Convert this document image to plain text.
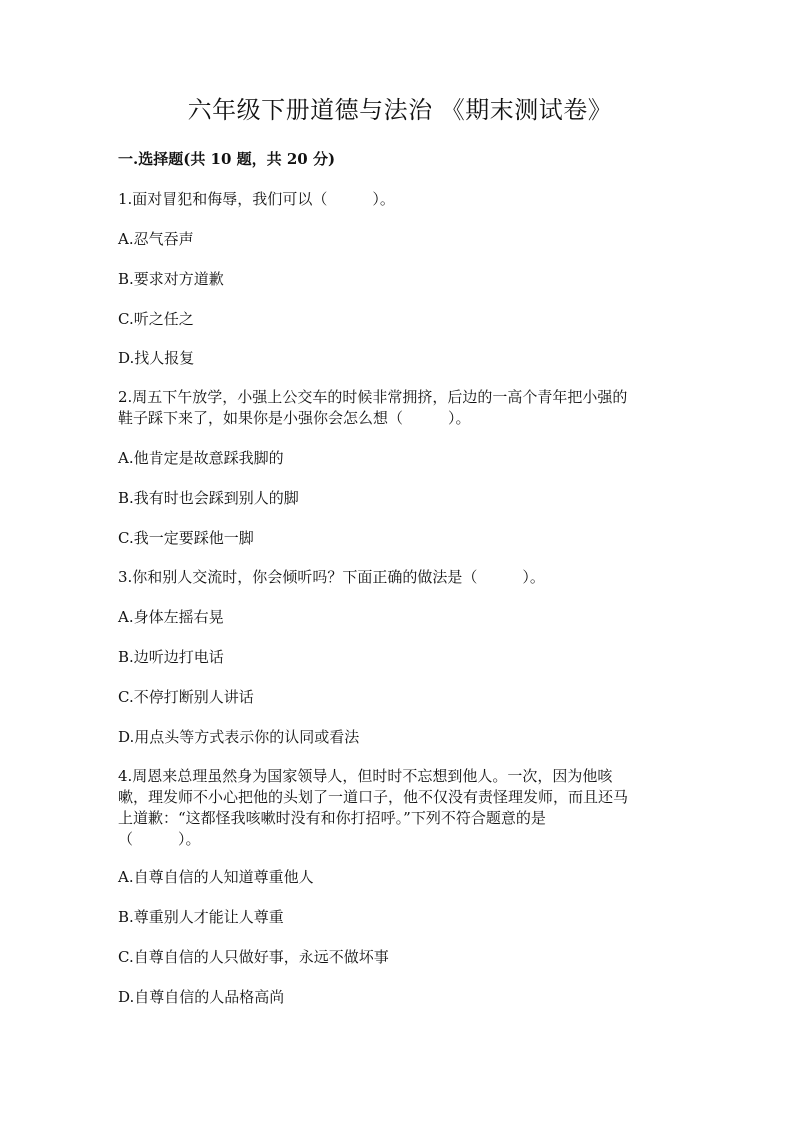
六年级下册道德与法治 《期末测试卷》
一.选择题(共 10 题，共 20 分)
1.面对冒犯和侮辱，我们可以（　　　）。
A.忍气吞声
B.要求对方道歉
C.听之任之
D.找人报复
2.周五下午放学，小强上公交车的时候非常拥挤，后边的一高个青年把小强的
鞋子踩下来了，如果你是小强你会怎么想（　　　）。
A.他肯定是故意踩我脚的
B.我有时也会踩到别人的脚
C.我一定要踩他一脚
3.你和别人交流时，你会倾听吗？下面正确的做法是（　　　）。
A.身体左摇右晃
B.边听边打电话
C.不停打断别人讲话
D.用点头等方式表示你的认同或看法
4.周恩来总理虽然身为国家领导人，但时时不忘想到他人。一次，因为他咳
嗽，理发师不小心把他的头划了一道口子，他不仅没有责怪理发师，而且还马
上道歉：“这都怪我咳嗽时没有和你打招呼。”下列不符合题意的是
（　　　）。
A.自尊自信的人知道尊重他人
B.尊重别人才能让人尊重
C.自尊自信的人只做好事，永远不做坏事
D.自尊自信的人品格高尚
